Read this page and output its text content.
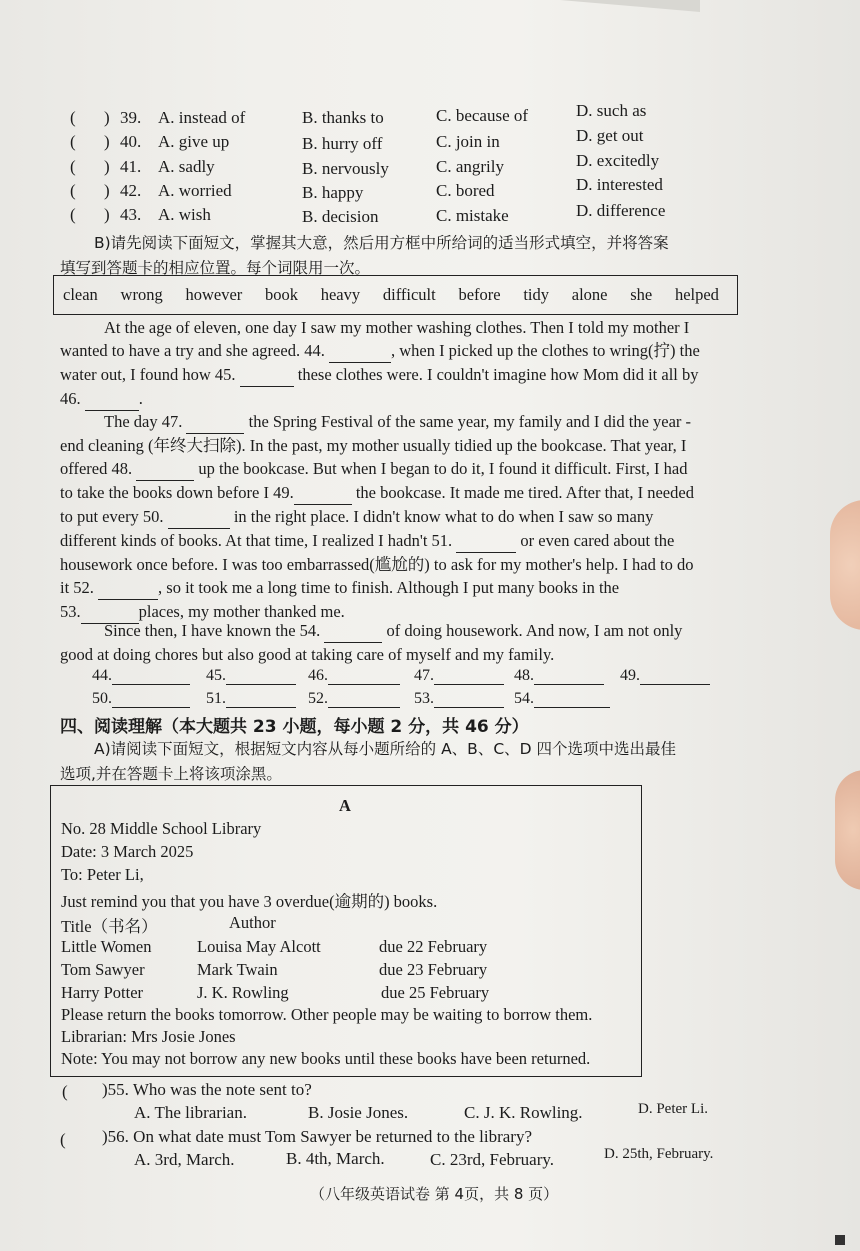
( ) 39. A. instead of	B. thanks to	C. because of	D. such as
( ) 40. A. give up	B. hurry off	C. join in	D. get out
( ) 41. A. sadly	B. nervously	C. angrily	D. excitedly
( ) 42. A. worried	B. happy	C. bored	D. interested
( ) 43. A. wish	B. decision	C. mistake	D. difference
B)请先阅读下面短文，掌握其大意，然后用方框中所给词的适当形式填空，并将答案
填写到答题卡的相应位置。每个词限用一次。
clean wrong however book heavy difficult before tidy alone she helped
At the age of eleven, one day I saw my mother washing clothes. Then I told my mother I
wanted to have a try and she agreed. 44.	, when I picked up the clothes to wring(拧) the
water out, I found how 45.	these clothes were. I couldn't imagine how Mom did it all by
46.	.
The day 47.	the Spring Festival of the same year, my family and I did the year -
end cleaning (年终大扫除). In the past, my mother usually tidied up the bookcase. That year, I
offered 48.	up the bookcase. But when I began to do it, I found it difficult. First, I had
to take the books down before I 49.	the bookcase. It made me tired. After that, I needed
to put every 50.	in the right place. I didn't know what to do when I saw so many
different kinds of books. At that time, I realized I hadn't 51.	or even cared about the
housework once before. I was too embarrassed(尴尬的) to ask for my mother's help. I had to do
it 52.	, so it took me a long time to finish. Although I put many books in the
53.	places, my mother thanked me.
Since then, I have known the 54.	of doing housework. And now, I am not only
good at doing chores but also good at taking care of myself and my family.
44.	45.	46.	47.	48.	49.
50.	51.	52.	53.	54.
四、阅读理解（本大题共 23 小题，每小题 2 分，共 46 分）
A)请阅读下面短文，根据短文内容从每小题所给的 A、B、C、D 四个选项中选出最佳
选项,并在答题卡上将该项涂黑。
A
No. 28 Middle School Library
Date: 3 March 2025
To: Peter Li,
Just remind you that you have 3 overdue(逾期的) books.
Title（书名）	Author
Little Women	Louisa May Alcott	due 22 February
Tom Sawyer	Mark Twain	due 23 February
Harry Potter	J. K. Rowling	due 25 February
Please return the books tomorrow. Other people may be waiting to borrow them.
Librarian: Mrs Josie Jones
Note: You may not borrow any new books until these books have been returned.
( )55. Who was the note sent to?
A. The librarian.	B. Josie Jones.	C. J. K. Rowling.	D. Peter Li.
( )56. On what date must Tom Sawyer be returned to the library?
A. 3rd, March.	B. 4th, March.	C. 23rd, February.	D. 25th, February.
（八年级英语试卷 第 4页，共 8 页）
